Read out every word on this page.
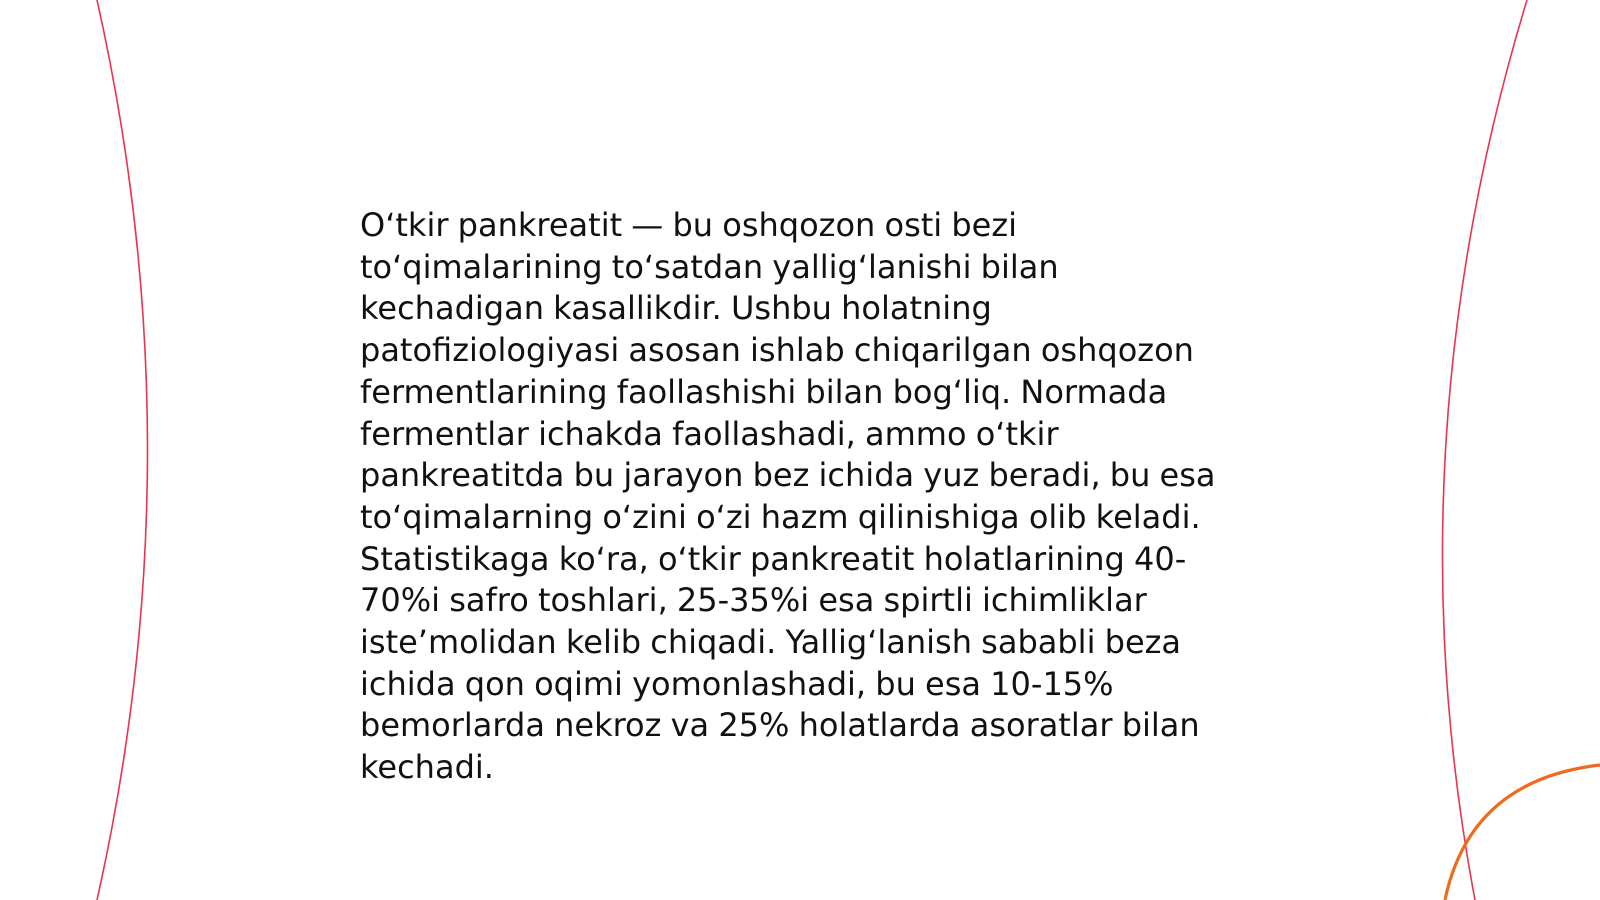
O‘tkir pankreatit — bu oshqozon osti bezi to‘qimalarining to‘satdan yallig‘lanishi bilan kechadigan kasallikdir. Ushbu holatning patofiziologiyasi asosan ishlab chiqarilgan oshqozon fermentlarining faollashishi bilan bog‘liq. Normada fermentlar ichakda faollashadi, ammo o‘tkir pankreatitda bu jarayon bez ichida yuz beradi, bu esa to‘qimalarning o‘zini o‘zi hazm qilinishiga olib keladi. Statistikaga ko‘ra, o‘tkir pankreatit holatlarining 40-70%i safro toshlari, 25-35%i esa spirtli ichimliklar iste’molidan kelib chiqadi. Yallig‘lanish sababli beza ichida qon oqimi yomonlashadi, bu esa 10-15% bemorlarda nekroz va 25% holatlarda asoratlar bilan kechadi.
